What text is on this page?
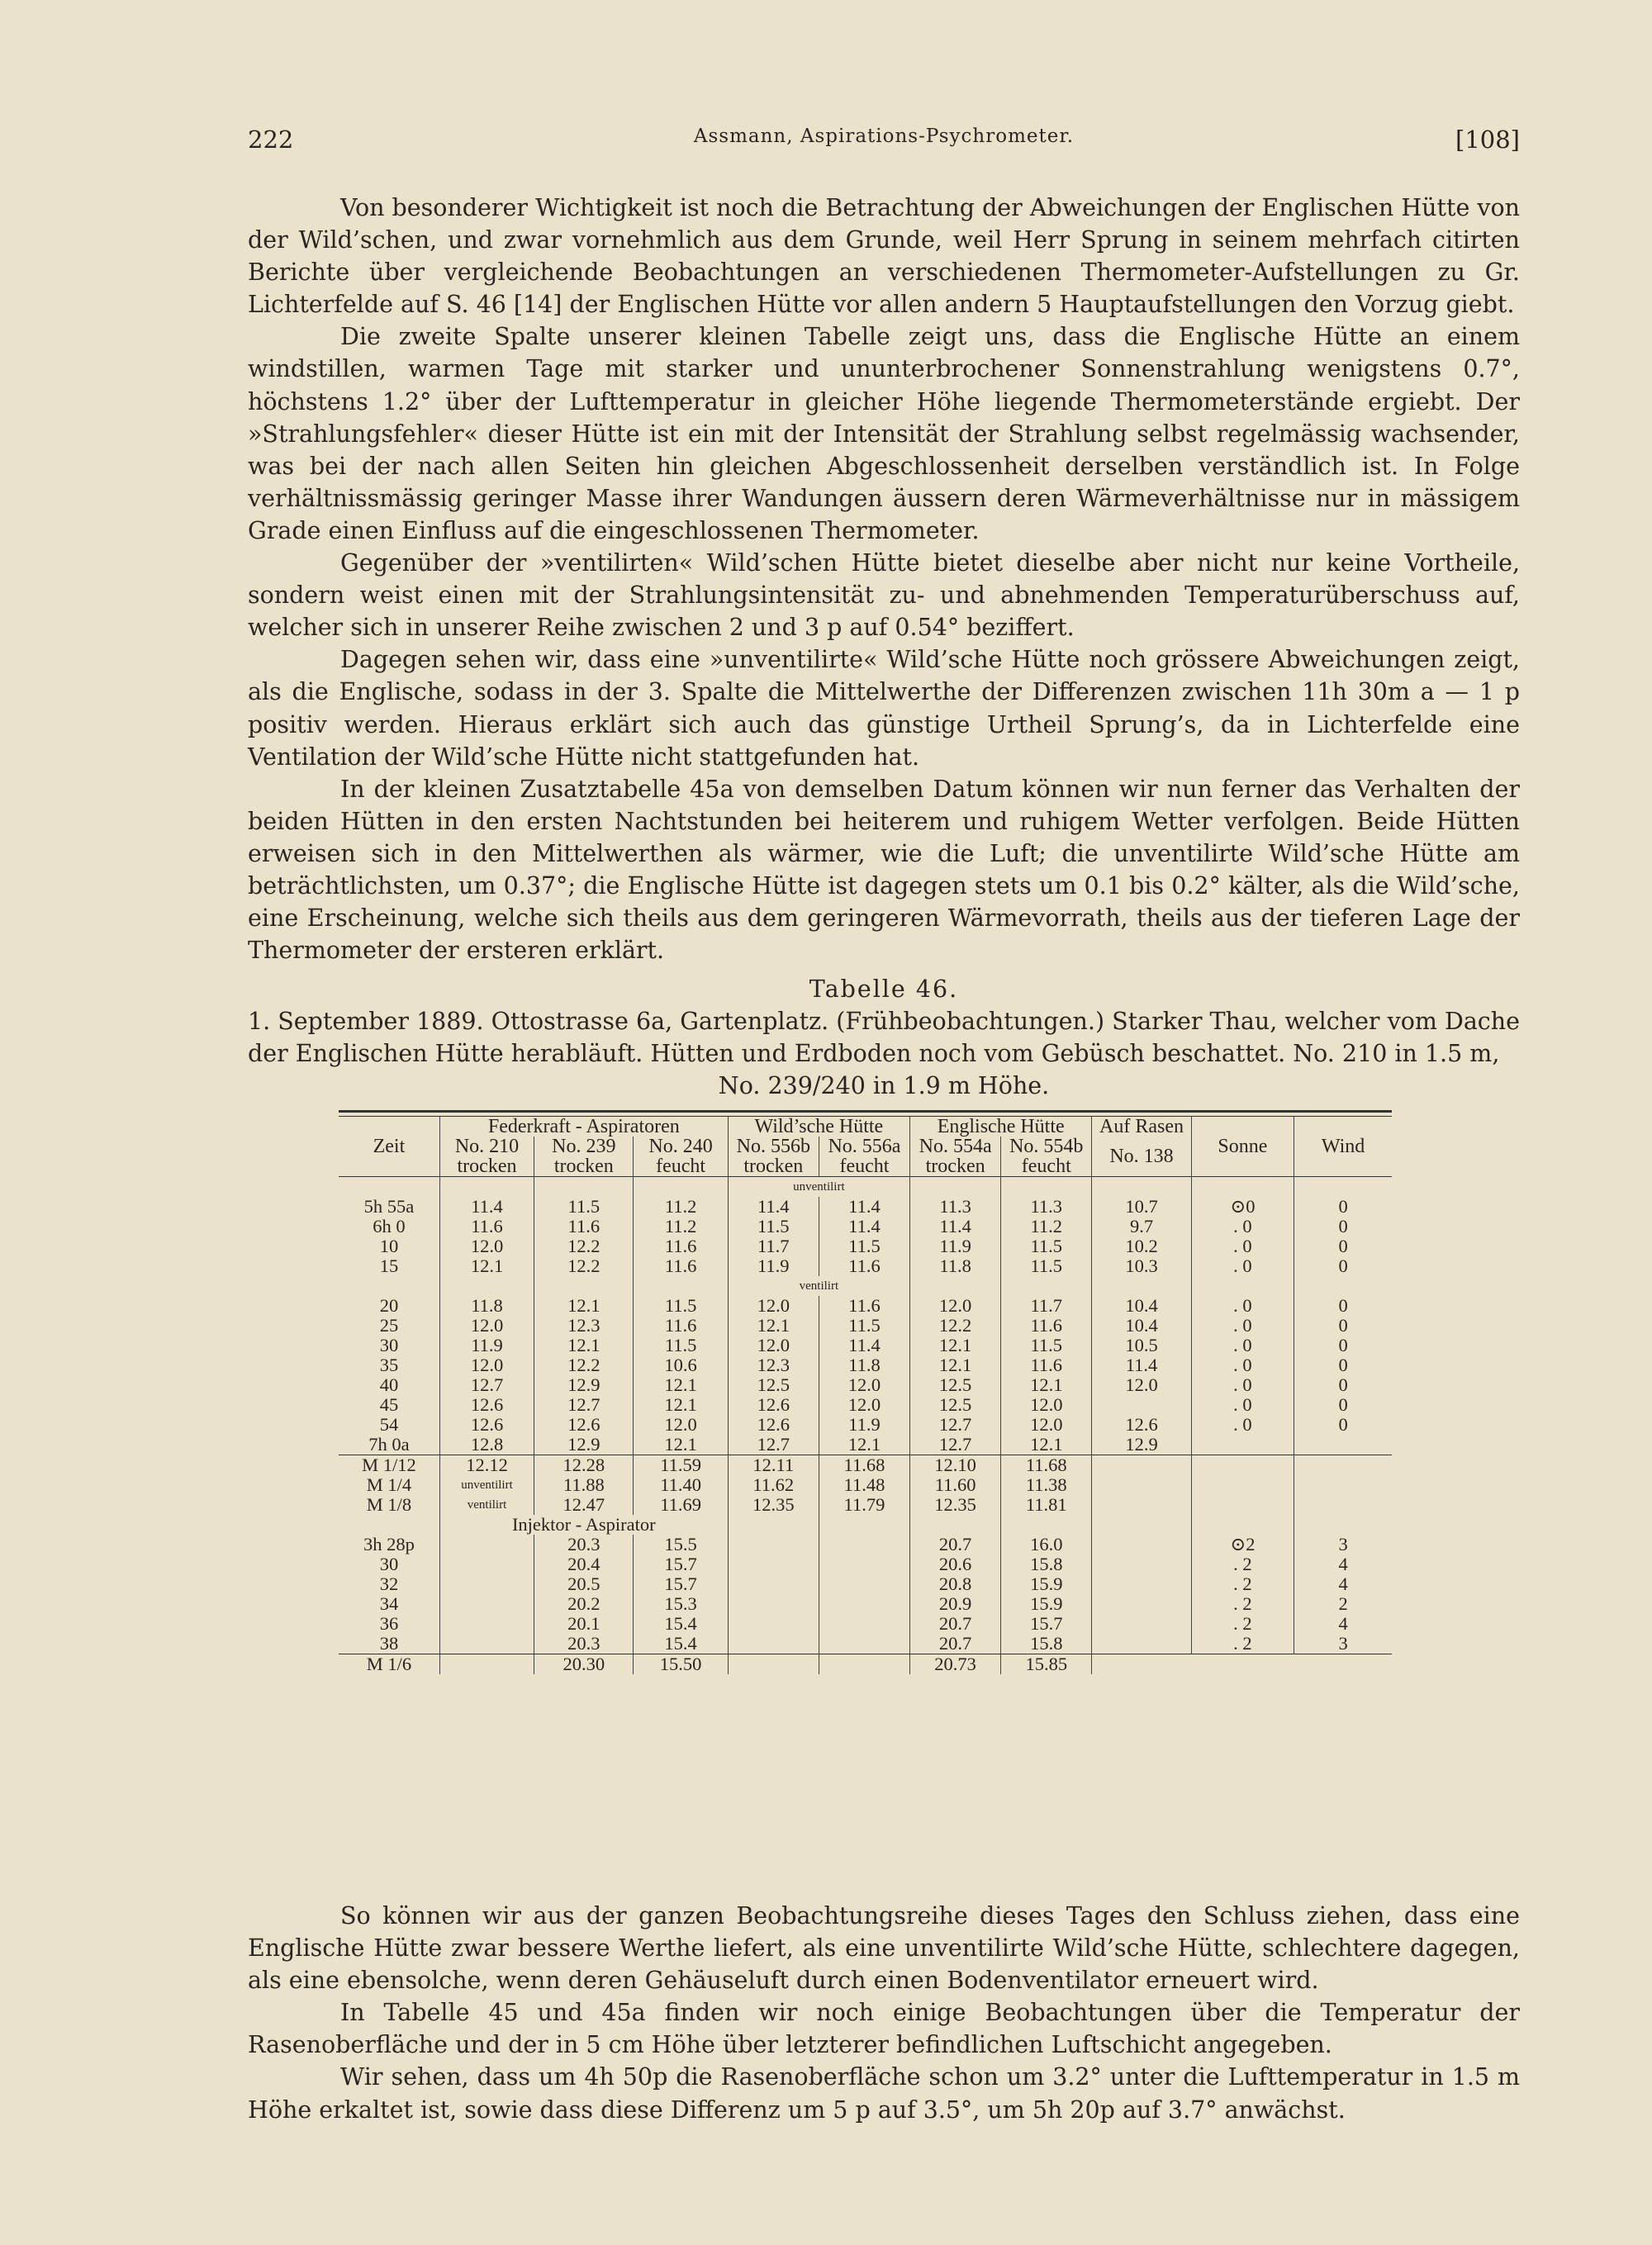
222	Assmann, Aspirations-Psychrometer.	[108]

Von besonderer Wichtigkeit ist noch die Betrachtung der Abweichungen der Englischen Hütte von der Wild’schen, und zwar vornehmlich aus dem Grunde, weil Herr Sprung in seinem mehrfach citirten Berichte über vergleichende Beobachtungen an verschiedenen Thermometer-Aufstellungen zu Gr. Lichterfelde auf S. 46 [14] der Englischen Hütte vor allen andern 5 Hauptaufstellungen den Vorzug giebt.

Die zweite Spalte unserer kleinen Tabelle zeigt uns, dass die Englische Hütte an einem windstillen, warmen Tage mit starker und ununterbrochener Sonnenstrahlung wenigstens 0.7°, höchstens 1.2° über der Lufttemperatur in gleicher Höhe liegende Thermometerstände ergiebt. Der »Strahlungsfehler« dieser Hütte ist ein mit der Intensität der Strahlung selbst regelmässig wachsender, was bei der nach allen Seiten hin gleichen Abgeschlossenheit derselben verständlich ist. In Folge verhältnissmässig geringer Masse ihrer Wandungen äussern deren Wärmeverhältnisse nur in mässigem Grade einen Einfluss auf die eingeschlossenen Thermometer.

Gegenüber der »ventilirten« Wild’schen Hütte bietet dieselbe aber nicht nur keine Vortheile, sondern weist einen mit der Strahlungsintensität zu- und abnehmenden Temperaturüberschuss auf, welcher sich in unserer Reihe zwischen 2 und 3 p auf 0.54° beziffert.

Dagegen sehen wir, dass eine »unventilirte« Wild’sche Hütte noch grössere Abweichungen zeigt, als die Englische, sodass in der 3. Spalte die Mittelwerthe der Differenzen zwischen 11h 30m a — 1 p positiv werden. Hieraus erklärt sich auch das günstige Urtheil Sprung’s, da in Lichterfelde eine Ventilation der Wild’sche Hütte nicht stattgefunden hat.

In der kleinen Zusatztabelle 45a von demselben Datum können wir nun ferner das Verhalten der beiden Hütten in den ersten Nachtstunden bei heiterem und ruhigem Wetter verfolgen. Beide Hütten erweisen sich in den Mittelwerthen als wärmer, wie die Luft; die unventilirte Wild’sche Hütte am beträchtlichsten, um 0.37°; die Englische Hütte ist dagegen stets um 0.1 bis 0.2° kälter, als die Wild’sche, eine Erscheinung, welche sich theils aus dem geringeren Wärmevorrath, theils aus der tieferen Lage der Thermometer der ersteren erklärt.

Tabelle 46.
1. September 1889. Ottostrasse 6a, Gartenplatz. (Frühbeobachtungen.) Starker Thau, welcher vom Dache der Englischen Hütte herabläuft. Hütten und Erdboden noch vom Gebüsch beschattet. No. 210 in 1.5 m,
No. 239/240 in 1.9 m Höhe.
Zeit	Federkraft - Aspiratoren			Wild’sche Hütte		Englische Hütte		Auf Rasen	Sonne	Wind
	No. 210	No. 239	No. 240	No. 556b	No. 556a	No. 554a	No. 554b	No. 138		
	trocken	trocken	feucht	trocken	feucht	trocken	feucht			
				unventilirt						
5h 55a	11.4	11.5	11.2	11.4	11.4	11.3	11.3	10.7	⊙0	0
6h 0	11.6	11.6	11.2	11.5	11.4	11.4	11.2	9.7	. 0	0
10	12.0	12.2	11.6	11.7	11.5	11.9	11.5	10.2	. 0	0
15	12.1	12.2	11.6	11.9	11.6	11.8	11.5	10.3	. 0	0
				ventilirt						
20	11.8	12.1	11.5	12.0	11.6	12.0	11.7	10.4	. 0	0
25	12.0	12.3	11.6	12.1	11.5	12.2	11.6	10.4	. 0	0
30	11.9	12.1	11.5	12.0	11.4	12.1	11.5	10.5	. 0	0
35	12.0	12.2	10.6	12.3	11.8	12.1	11.6	11.4	. 0	0
40	12.7	12.9	12.1	12.5	12.0	12.5	12.1	12.0	. 0	0
45	12.6	12.7	12.1	12.6	12.0	12.5	12.0		. 0	0
54	12.6	12.6	12.0	12.6	11.9	12.7	12.0	12.6	. 0	0
7h 0a	12.8	12.9	12.1	12.7	12.1	12.7	12.1	12.9		
M 1/12	12.12	12.28	11.59	12.11	11.68	12.10	11.68			
M 1/4	unventilirt	11.88	11.40	11.62	11.48	11.60	11.38			
M 1/8	ventilirt	12.47	11.69	12.35	11.79	12.35	11.81			
	Injektor - Aspirator									
3h 28p		20.3	15.5			20.7	16.0		⊙2	3
30		20.4	15.7			20.6	15.8		. 2	4
32		20.5	15.7			20.8	15.9		. 2	4
34		20.2	15.3			20.9	15.9		. 2	2
36		20.1	15.4			20.7	15.7		. 2	4
38		20.3	15.4			20.7	15.8		. 2	3
M 1/6		20.30	15.50			20.73	15.85			

So können wir aus der ganzen Beobachtungsreihe dieses Tages den Schluss ziehen, dass eine Englische Hütte zwar bessere Werthe liefert, als eine unventilirte Wild’sche Hütte, schlechtere dagegen, als eine ebensolche, wenn deren Gehäuseluft durch einen Bodenventilator erneuert wird.

In Tabelle 45 und 45a finden wir noch einige Beobachtungen über die Temperatur der Rasenoberfläche und der in 5 cm Höhe über letzterer befindlichen Luftschicht angegeben.

Wir sehen, dass um 4h 50p die Rasenoberfläche schon um 3.2° unter die Lufttemperatur in 1.5 m Höhe erkaltet ist, sowie dass diese Differenz um 5 p auf 3.5°, um 5h 20p auf 3.7° anwächst.
